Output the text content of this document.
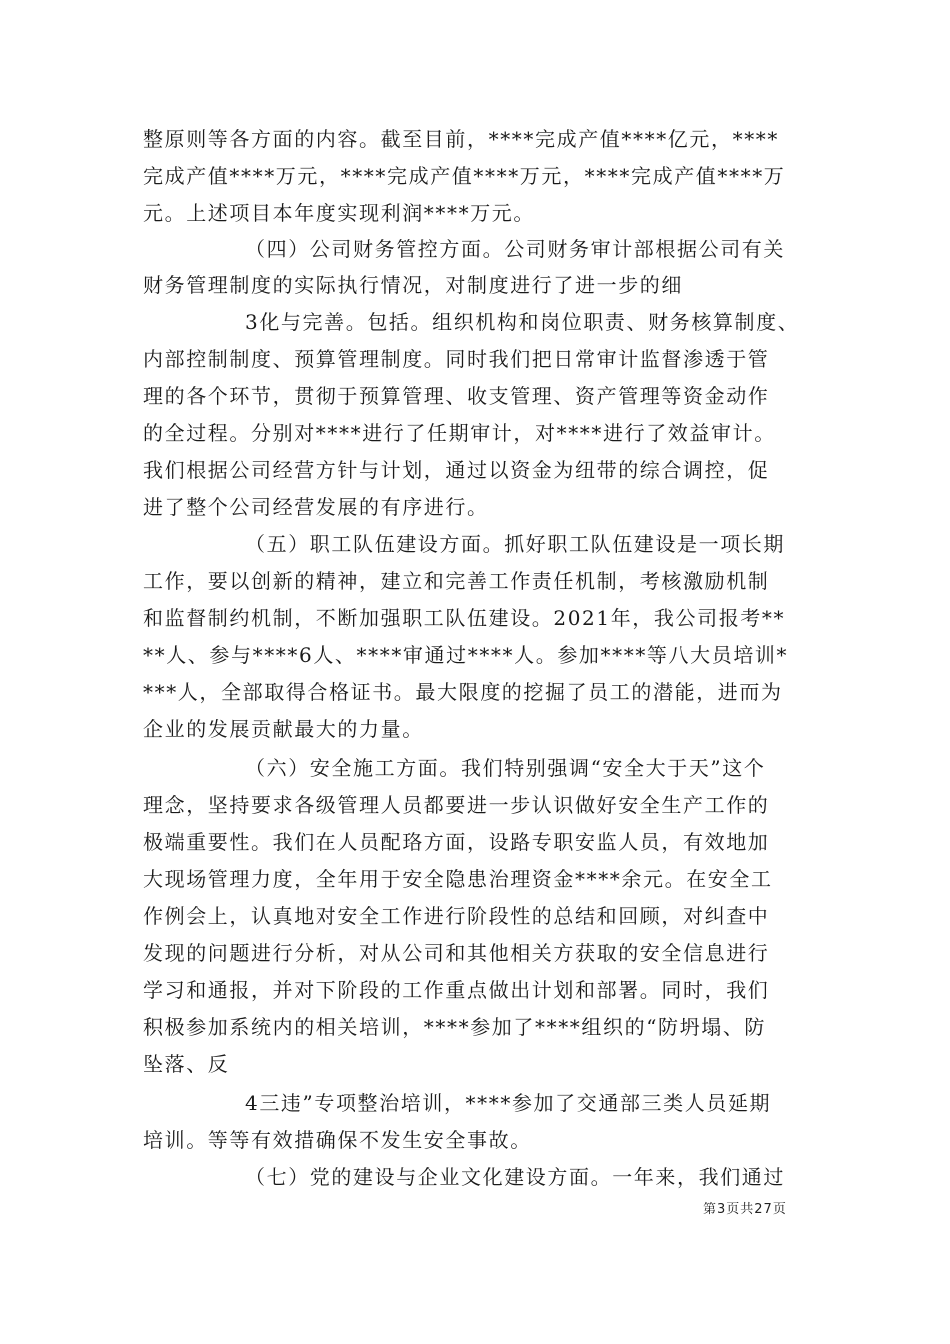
整原则等各方面的内容。截至目前，****完成产值****亿元，****
完成产值****万元，****完成产值****万元，****完成产值****万
元。上述项目本年度实现利润****万元。
（四）公司财务管控方面。公司财务审计部根据公司有关
财务管理制度的实际执行情况，对制度进行了进一步的细
3化与完善。包括。组织机构和岗位职责、财务核算制度、
内部控制制度、预算管理制度。同时我们把日常审计监督渗透于管
理的各个环节，贯彻于预算管理、收支管理、资产管理等资金动作
的全过程。分别对****进行了任期审计，对****进行了效益审计。
我们根据公司经营方针与计划，通过以资金为纽带的综合调控，促
进了整个公司经营发展的有序进行。
（五）职工队伍建设方面。抓好职工队伍建设是一项长期
工作，要以创新的精神，建立和完善工作责任机制，考核激励机制
和监督制约机制，不断加强职工队伍建设。2021年，我公司报考**
**人、参与****6人、****审通过****人。参加****等八大员培训*
***人，全部取得合格证书。最大限度的挖掘了员工的潜能，进而为
企业的发展贡献最大的力量。
（六）安全施工方面。我们特别强调“安全大于天”这个
理念，坚持要求各级管理人员都要进一步认识做好安全生产工作的
极端重要性。我们在人员配珞方面，设路专职安监人员，有效地加
大现场管理力度，全年用于安全隐患治理资金****余元。在安全工
作例会上，认真地对安全工作进行阶段性的总结和回顾，对纠查中
发现的问题进行分析，对从公司和其他相关方获取的安全信息进行
学习和通报，并对下阶段的工作重点做出计划和部署。同时，我们
积极参加系统内的相关培训，****参加了****组织的“防坍塌、防
坠落、反
4三违”专项整治培训，****参加了交通部三类人员延期
培训。等等有效措确保不发生安全事故。
（七）党的建设与企业文化建设方面。一年来，我们通过
第3页共27页
